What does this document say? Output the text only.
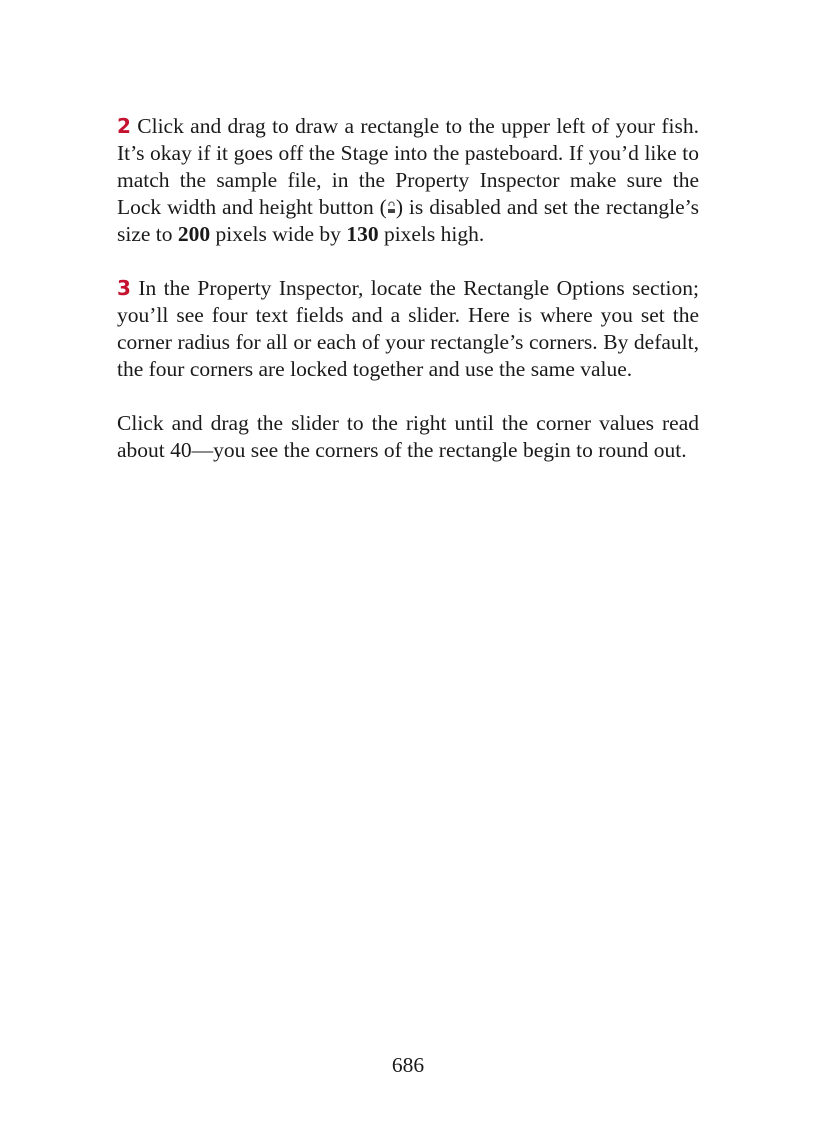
2 Click and drag to draw a rectangle to the upper left of your fish. It’s okay if it goes off the Stage into the pasteboard. If you’d like to match the sample file, in the Property Inspector make sure the Lock width and height button ( ) is disabled and set the rectangle’s size to 200 pixels wide by 130 pixels high.

3 In the Property Inspector, locate the Rectangle Options section; you’ll see four text fields and a slider. Here is where you set the corner radius for all or each of your rectangle’s corners. By default, the four corners are locked together and use the same value.

Click and drag the slider to the right until the corner values read about 40—you see the corners of the rectangle begin to round out.

686
